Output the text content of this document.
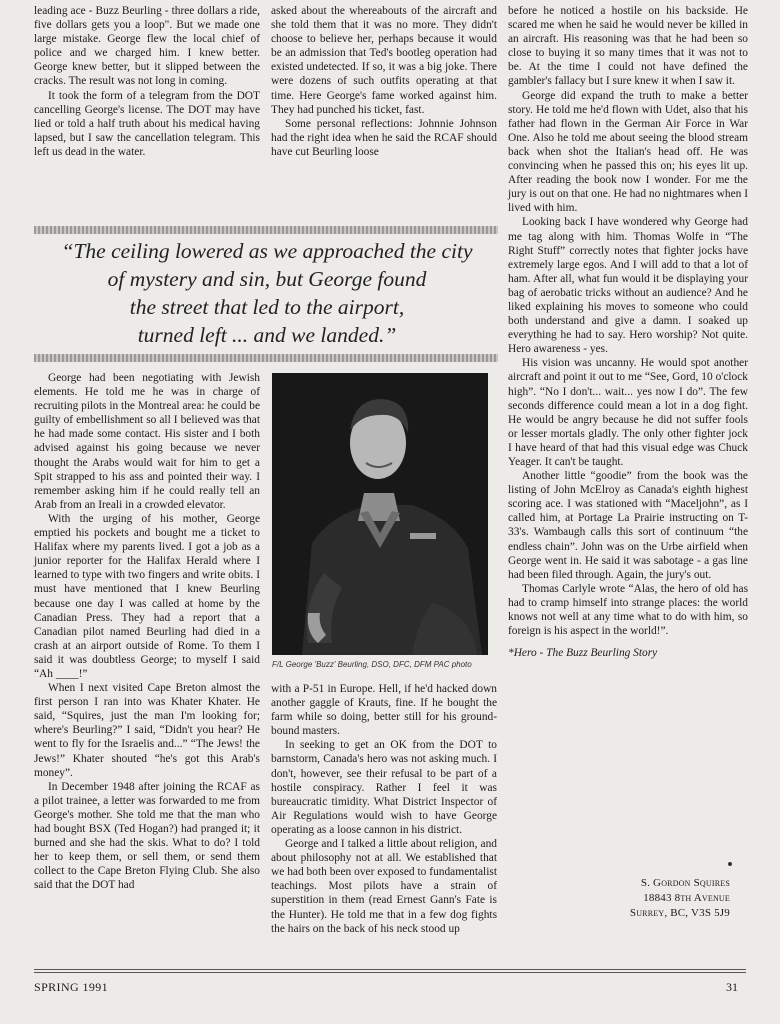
leading ace - Buzz Beurling - three dollars a ride, five dollars gets you a loop". But we made one large mistake. George flew the local chief of police and we charged him. I knew better. George knew better, but it slipped between the cracks. The result was not long in coming.

It took the form of a telegram from the DOT cancelling George's license. The DOT may have lied or told a half truth about his medical having lapsed, but I saw the cancellation telegram. This left us dead in the water.

asked about the whereabouts of the aircraft and she told them that it was no more. They didn't choose to believe her, perhaps because it would be an admission that Ted's bootleg operation had existed undetected. If so, it was a big joke. There were dozens of such outfits operating at that time. Here George's fame worked against him. They had punched his ticket, fast.

Some personal reflections: Johnnie Johnson had the right idea when he said the RCAF should have cut Beurling loose

“The ceiling lowered as we approached the city
of mystery and sin, but George found
the street that led to the airport,
turned left ... and we landed.”

George had been negotiating with Jewish elements. He told me he was in charge of recruiting pilots in the Montreal area: he could be guilty of embellishment so all I believed was that he had made some contact. His sister and I both advised against his going because we never thought the Arabs would wait for him to get a Spit strapped to his ass and pointed their way. I remember asking him if he could really tell an Arab from an Ireali in a crowded elevator.

With the urging of his mother, George emptied his pockets and bought me a ticket to Halifax where my parents lived. I got a job as a junior reporter for the Halifax Herald where I learned to type with two fingers and write obits. I must have mentioned that I knew Beurling because one day I was called at home by the Canadian Press. They had a report that a Canadian pilot named Beurling had died in a crash at an airport outside of Rome. To them I said it was doubtless George; to myself I said “Ah ____!”

When I next visited Cape Breton almost the first person I ran into was Khater Khater. He said, “Squires, just the man I'm looking for; where's Beurling?” I said, “Didn't you hear? He went to fly for the Israelis and...” “The Jews! the Jews!” Khater shouted “he's got this Arab's money”.

In December 1948 after joining the RCAF as a pilot trainee, a letter was forwarded to me from George's mother. She told me that the man who had bought BSX (Ted Hogan?) had pranged it; it burned and she had the skis. What to do? I told her to keep them, or sell them, or send them collect to the Cape Breton Flying Club. She also said that the DOT had

F/L George 'Buzz' Beurling, DSO, DFC, DFM PAC photo

with a P-51 in Europe. Hell, if he'd hacked down another gaggle of Krauts, fine. If he bought the farm while so doing, better still for his ground-bound masters.

In seeking to get an OK from the DOT to barnstorm, Canada's hero was not asking much. I don't, however, see their refusal to be part of a hostile conspiracy. Rather I feel it was bureaucratic timidity. What District Inspector of Air Regulations would wish to have George operating as a loose cannon in his district.

George and I talked a little about religion, and about philosophy not at all. We established that we had both been over exposed to fundamentalist teachings. Most pilots have a strain of superstition in them (read Ernest Gann's Fate is the Hunter). He told me that in a few dog fights the hairs on the back of his neck stood up

before he noticed a hostile on his backside. He scared me when he said he would never be killed in an aircraft. His reasoning was that he had been so close to buying it so many times that it was not to be. At the time I could not have defined the gambler's fallacy but I sure knew it when I saw it.

George did expand the truth to make a better story. He told me he'd flown with Udet, also that his father had flown in the German Air Force in War One. Also he told me about seeing the blood stream back when shot the Italian's head off. He was convincing when he passed this on; his eyes lit up. After reading the book now I wonder. For me the jury is out on that one. He had no nightmares when I lived with him.

Looking back I have wondered why George had me tag along with him. Thomas Wolfe in “The Right Stuff” correctly notes that fighter jocks have extremely large egos. And I will add to that a lot of ham. After all, what fun would it be displaying your bag of aerobatic tricks without an audience? And he liked explaining his moves to someone who could both understand and give a damn. I soaked up everything he had to say. Hero worship? Not quite. Hero awareness - yes.

His vision was uncanny. He would spot another aircraft and point it out to me “See, Gord, 10 o'clock high”. “No I don't... wait... yes now I do”. The few seconds difference could mean a lot in a dog fight. He would be angry because he did not suffer fools or lesser mortals gladly. The only other fighter jock I have heard of that had this visual edge was Chuck Yeager. It can't be taught.

Another little “goodie” from the book was the listing of John McElroy as Canada's eighth highest scoring ace. I was stationed with “Maceljohn”, as I called him, at Portage La Prairie instructing on T-33's. Wambaugh calls this sort of continuum “the endless chain”. John was on the Urbe airfield when George went in. He said it was sabotage - a gas line had been filed through. Again, the jury's out.

Thomas Carlyle wrote “Alas, the hero of old has had to cramp himself into strange places: the world knows not well at any time what to do with him, so foreign is his aspect in the world!”.

*Hero - The Buzz Beurling Story

S. Gordon Squires
18843 8th Avenue
Surrey, BC, V3S 5J9
SPRING 1991	31
